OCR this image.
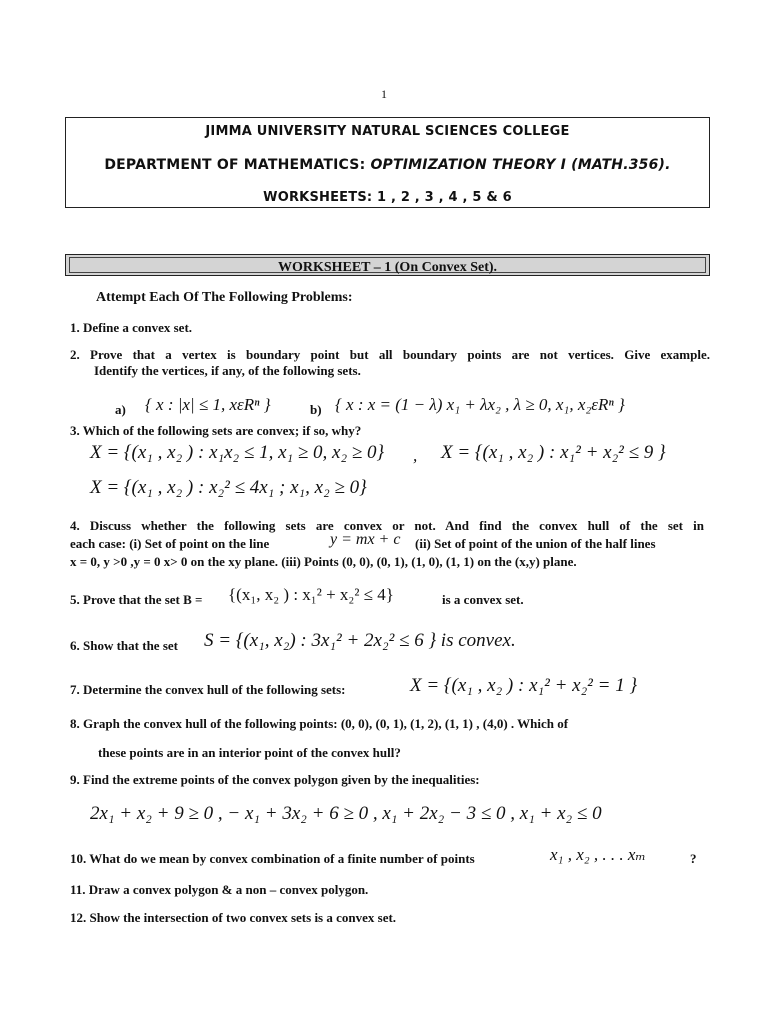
1
JIMMA UNIVERSITY NATURAL SCIENCES COLLEGE
DEPARTMENT OF MATHEMATICS: OPTIMIZATION THEORY I (MATH.356).
WORKSHEETS: 1 , 2 , 3 , 4 , 5 & 6
WORKSHEET – 1 (On Convex Set).
Attempt Each Of The Following Problems:
1. Define a convex set.
2. Prove that a vertex is boundary point but all boundary points are not vertices. Give example.
Identify the vertices, if any, of the following sets.
a) { x : |x| ≤ 1, xεRⁿ }	b) { x : x = (1 − λ) x₁ + λx₂ , λ ≥ 0, x₁, x₂εRⁿ }
3. Which of the following sets are convex; if so, why?
X = {(x₁ , x₂ ) : x₁x₂ ≤ 1, x₁ ≥ 0, x₂ ≥ 0} , X = {(x₁ , x₂ ) : x₁² + x₂² ≤ 9 }
X = {(x₁ , x₂ ) : x₂² ≤ 4x₁ ; x₁, x₂ ≥ 0}
4. Discuss whether the following sets are convex or not. And find the convex hull of the set in
each case: (i) Set of point on the line	y = mx + c (ii) Set of point of the union of the half lines
x = 0, y >0 ,y = 0 x> 0 on the xy plane. (iii) Points (0, 0), (0, 1), (1, 0), (1, 1) on the (x,y) plane.
5. Prove that the set B = {(x₁, x₂ ) : x₁² + x₂² ≤ 4}	is a convex set.
6. Show that the set S = {(x₁, x₂) : 3x₁² + 2x₂² ≤ 6 } is convex.
7. Determine the convex hull of the following sets:	X = {(x₁ , x₂ ) : x₁² + x₂² = 1 }
8. Graph the convex hull of the following points: (0, 0), (0, 1), (1, 2), (1, 1) , (4,0) . Which of
these points are in an interior point of the convex hull?
9. Find the extreme points of the convex polygon given by the inequalities:
2x₁ + x₂ + 9 ≥ 0 , − x₁ + 3x₂ + 6 ≥ 0 , x₁ + 2x₂ − 3 ≤ 0 , x₁ + x₂ ≤ 0
10. What do we mean by convex combination of a finite number of points	x₁ , x₂ , . . . xₘ	?
11. Draw a convex polygon & a non – convex polygon.
12. Show the intersection of two convex sets is a convex set.
